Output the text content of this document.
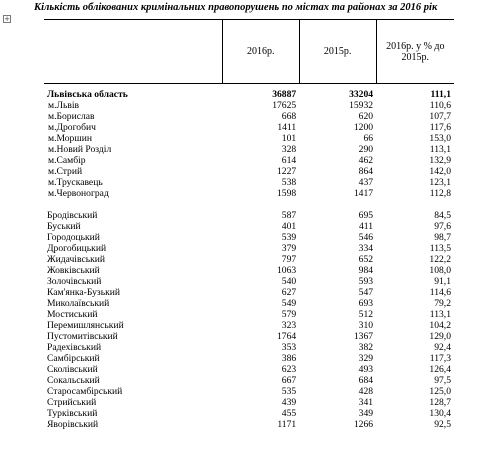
Кількість облікованих кримінальних правопорушень по містах та районах за 2016 рік
+
	2016р.	2015р.	2016р. у % до 2015р.
Львівська область	36887	33204	111,1
м.Львів	17625	15932	110,6
м.Борислав	668	620	107,7
м.Дрогобич	1411	1200	117,6
м.Моршин	101	66	153,0
м.Новий Розділ	328	290	113,1
м.Самбір	614	462	132,9
м.Стрий	1227	864	142,0
м.Трускавець	538	437	123,1
м.Червоноград	1598	1417	112,8
Бродівський	587	695	84,5
Буський	401	411	97,6
Городоцький	539	546	98,7
Дрогобицький	379	334	113,5
Жидачівський	797	652	122,2
Жовківський	1063	984	108,0
Золочівський	540	593	91,1
Кам'янка-Бузький	627	547	114,6
Миколаївський	549	693	79,2
Мостиський	579	512	113,1
Перемишлянський	323	310	104,2
Пустомитівський	1764	1367	129,0
Радехівський	353	382	92,4
Самбірський	386	329	117,3
Сколівський	623	493	126,4
Сокальський	667	684	97,5
Старосамбірський	535	428	125,0
Стрийський	439	341	128,7
Турківський	455	349	130,4
Яворівський	1171	1266	92,5
